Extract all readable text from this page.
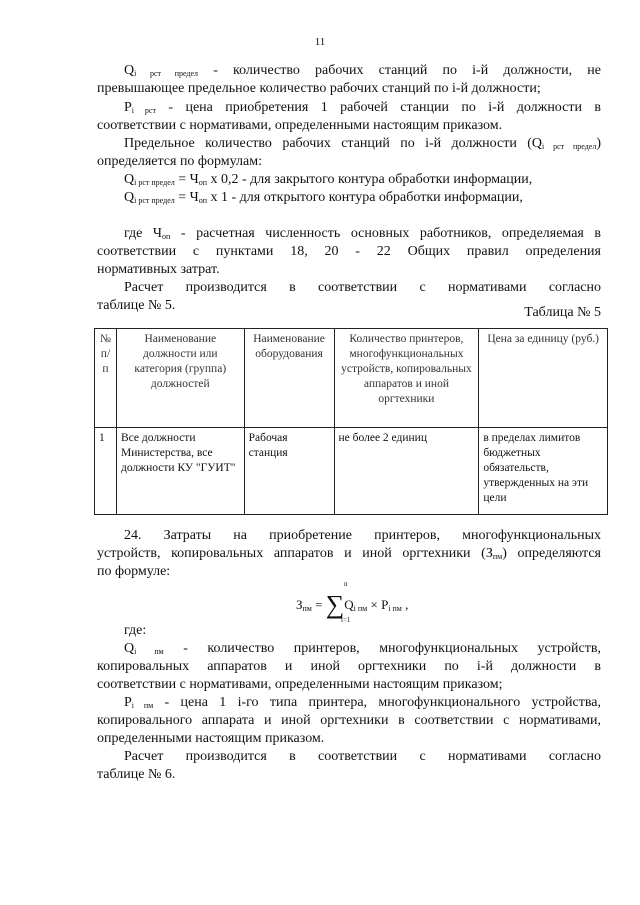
11
$Q_{i рст предел}$ - количество рабочих станций по i-й должности, не
превышающее предельное количество рабочих станций по i-й должности;
$P_{i рст}$ - цена приобретения 1 рабочей станции по i-й должности в
соответствии с нормативами, определенными настоящим приказом.
Предельное количество рабочих станций по i-й должности $(Q_{i рст предел})$
определяется по формулам:
$Q_{i рст предел} = Ч_{оп}$ x 0,2 - для закрытого контура обработки информации,
$Q_{i рст предел} = Ч_{оп}$ x 1 - для открытого контура обработки информации,
где $Ч_{оп}$ - расчетная численность основных работников, определяемая в
соответствии с пунктами 18, 20 - 22 Общих правил определения
нормативных затрат.
Расчет производится в соответствии с нормативами согласно
таблице № 5.	Таблица № 5
№ п/п	Наименование должности или категория (группа) должностей	Наименование оборудования	Количество принтеров, многофункциональных устройств, копировальных аппаратов и иной оргтехники	Цена за единицу (руб.)
1	Все должности Министерства, все должности КУ "ГУИТ"	Рабочая станция	не более 2 единиц	в пределах лимитов бюджетных обязательств, утвержденных на эти цели
24. Затраты на приобретение принтеров, многофункциональных
устройств, копировальных аппаратов и иной оргтехники $(З_{пм})$ определяются
по формуле:
$З_{пм}$ = ∑
n
i=1
$Q_{i пм} \times P_{i пм}$ ,
где:
$Q_{i пм}$ - количество принтеров, многофункциональных устройств,
копировальных аппаратов и иной оргтехники по i-й должности в
соответствии с нормативами, определенными настоящим приказом;
$P_{i пм}$ - цена 1 i-го типа принтера, многофункционального устройства,
копировального аппарата и иной оргтехники в соответствии с нормативами,
определенными настоящим приказом.
Расчет производится в соответствии с нормативами согласно
таблице № 6.
